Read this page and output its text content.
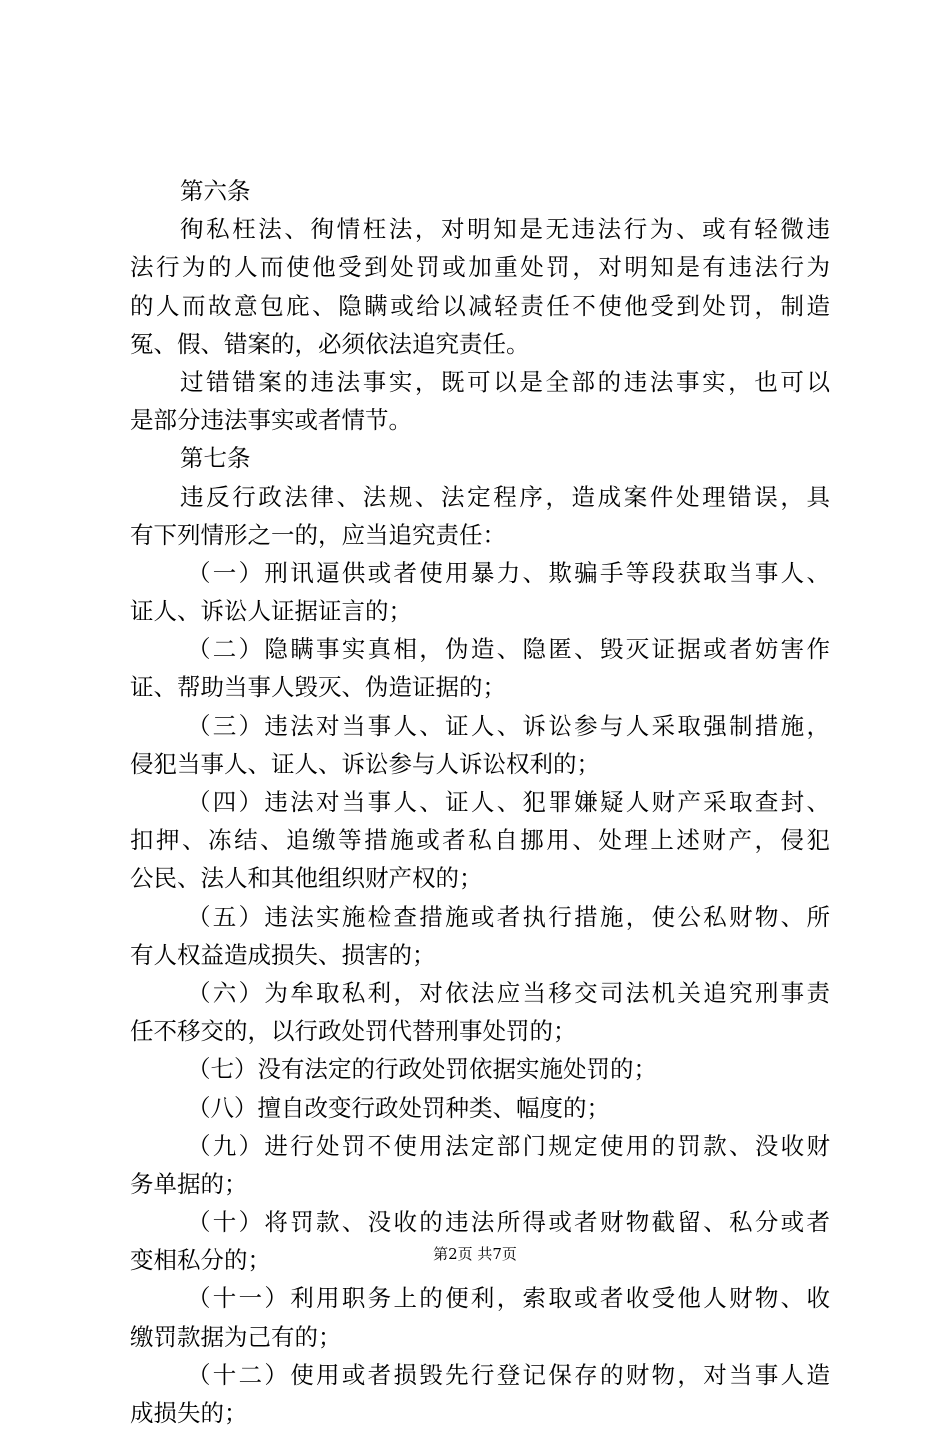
第六条
徇私枉法、徇情枉法，对明知是无违法行为、或有轻微违
法行为的人而使他受到处罚或加重处罚，对明知是有违法行为
的人而故意包庇、隐瞒或给以减轻责任不使他受到处罚，制造
冤、假、错案的，必须依法追究责任。
过错错案的违法事实，既可以是全部的违法事实，也可以
是部分违法事实或者情节。
第七条
违反行政法律、法规、法定程序，造成案件处理错误，具
有下列情形之一的，应当追究责任：
（一）刑讯逼供或者使用暴力、欺骗手等段获取当事人、
证人、诉讼人证据证言的；
（二）隐瞒事实真相，伪造、隐匿、毁灭证据或者妨害作
证、帮助当事人毁灭、伪造证据的；
（三）违法对当事人、证人、诉讼参与人采取强制措施，
侵犯当事人、证人、诉讼参与人诉讼权利的；
（四）违法对当事人、证人、犯罪嫌疑人财产采取查封、
扣押、冻结、追缴等措施或者私自挪用、处理上述财产，侵犯
公民、法人和其他组织财产权的；
（五）违法实施检查措施或者执行措施，使公私财物、所
有人权益造成损失、损害的；
（六）为牟取私利，对依法应当移交司法机关追究刑事责
任不移交的，以行政处罚代替刑事处罚的；
（七）没有法定的行政处罚依据实施处罚的；
（八）擅自改变行政处罚种类、幅度的；
（九）进行处罚不使用法定部门规定使用的罚款、没收财
务单据的；
（十）将罚款、没收的违法所得或者财物截留、私分或者
变相私分的；
（十一）利用职务上的便利，索取或者收受他人财物、收
缴罚款据为己有的；
（十二）使用或者损毁先行登记保存的财物，对当事人造
成损失的；
第2页 共7页
